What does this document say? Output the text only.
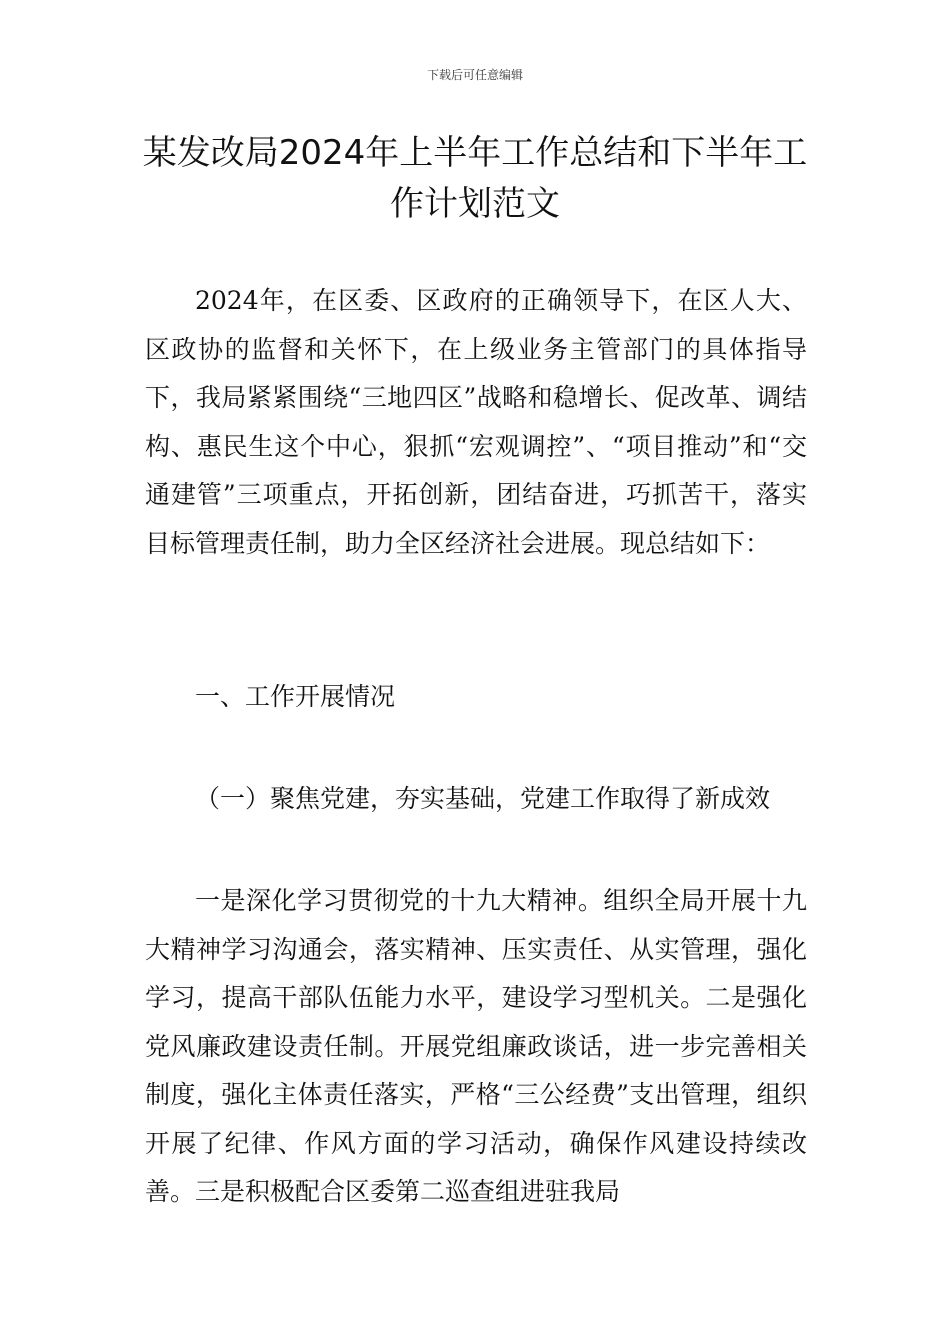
下载后可任意编辑
某发改局2024年上半年工作总结和下半年工作计划范文

2024年，在区委、区政府的正确领导下，在区人大、区政协的监督和关怀下，在上级业务主管部门的具体指导下，我局紧紧围绕“三地四区”战略和稳增长、促改革、调结构、惠民生这个中心，狠抓“宏观调控”、“项目推动”和“交通建管”三项重点，开拓创新，团结奋进，巧抓苦干，落实目标管理责任制，助力全区经济社会进展。现总结如下：

一、工作开展情况

（一）聚焦党建，夯实基础，党建工作取得了新成效

一是深化学习贯彻党的十九大精神。组织全局开展十九大精神学习沟通会，落实精神、压实责任、从实管理，强化学习，提高干部队伍能力水平，建设学习型机关。二是强化党风廉政建设责任制。开展党组廉政谈话，进一步完善相关制度，强化主体责任落实，严格“三公经费”支出管理，组织开展了纪律、作风方面的学习活动，确保作风建设持续改善。三是积极配合区委第二巡查组进驻我局
